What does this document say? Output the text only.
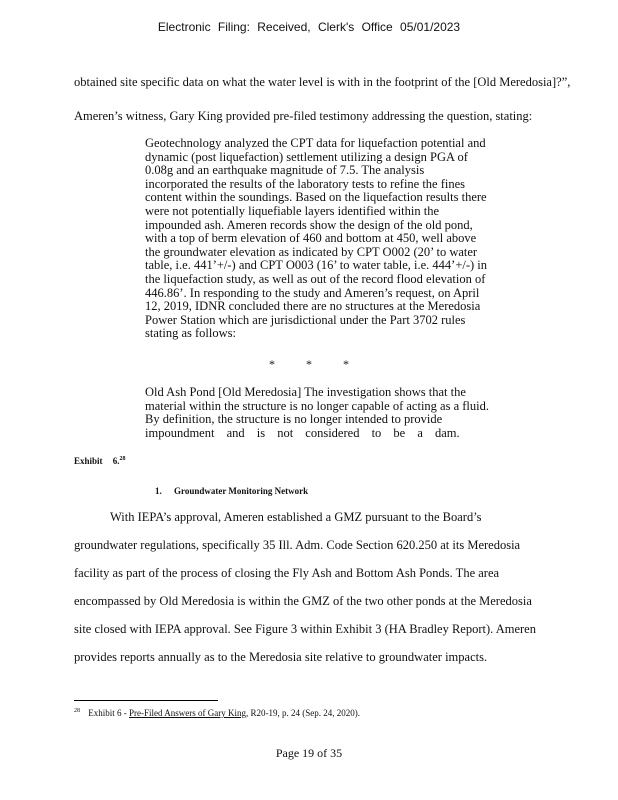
Electronic Filing: Received, Clerk's Office 05/01/2023
obtained site specific data on what the water level is with in the footprint of the [Old Meredosia]?”,
Ameren’s witness, Gary King provided pre-filed testimony addressing the question, stating:
Geotechnology analyzed the CPT data for liquefaction potential and
dynamic (post liquefaction) settlement utilizing a design PGA of
0.08g and an earthquake magnitude of 7.5. The analysis
incorporated the results of the laboratory tests to refine the fines
content within the soundings. Based on the liquefaction results there
were not potentially liquefiable layers identified within the
impounded ash. Ameren records show the design of the old pond,
with a top of berm elevation of 460 and bottom at 450, well above
the groundwater elevation as indicated by CPT O002 (20’ to water
table, i.e. 441’+/-) and CPT O003 (16’ to water table, i.e. 444’+/-) in
the liquefaction study, as well as out of the record flood elevation of
446.86’. In responding to the study and Ameren’s request, on April
12, 2019, IDNR concluded there are no structures at the Meredosia
Power Station which are jurisdictional under the Part 3702 rules
stating as follows:
*	*	*
Old Ash Pond [Old Meredosia] The investigation shows that the
material within the structure is no longer capable of acting as a fluid.
By definition, the structure is no longer intended to provide
impoundment and is not considered to be a dam.
Exhibit 6.28
1. Groundwater Monitoring Network
With IEPA’s approval, Ameren established a GMZ pursuant to the Board’s
groundwater regulations, specifically 35 Ill. Adm. Code Section 620.250 at its Meredosia
facility as part of the process of closing the Fly Ash and Bottom Ash Ponds. The area
encompassed by Old Meredosia is within the GMZ of the two other ponds at the Meredosia
site closed with IEPA approval. See Figure 3 within Exhibit 3 (HA Bradley Report). Ameren
provides reports annually as to the Meredosia site relative to groundwater impacts.
$^{28}$ Exhibit 6 - Pre-Filed Answers of Gary King, R20-19, p. 24 (Sep. 24, 2020).
Page 19 of 35
